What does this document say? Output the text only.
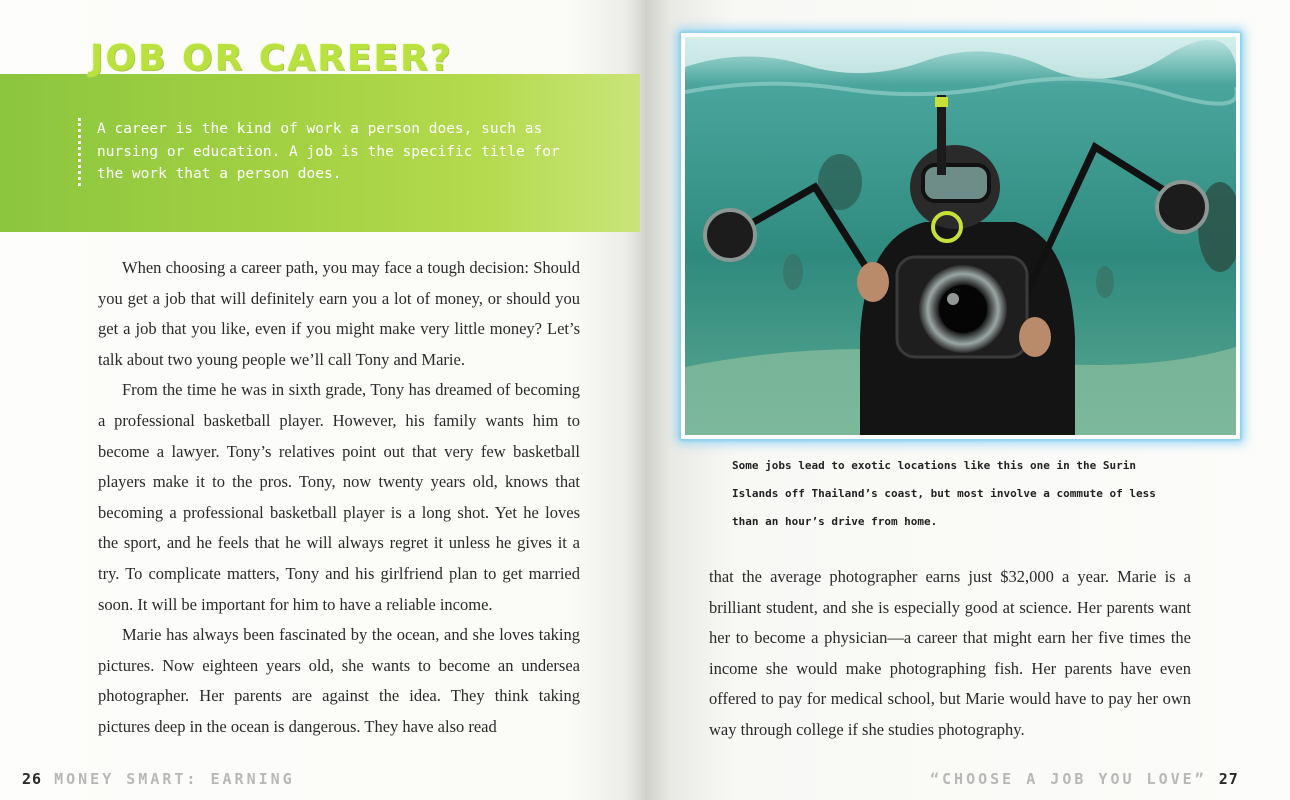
JOB OR CAREER?
A career is the kind of work a person does, such as nursing or education. A job is the specific title for the work that a person does.

When choosing a career path, you may face a tough decision: Should you get a job that will definitely earn you a lot of money, or should you get a job that you like, even if you might make very little money? Let’s talk about two young people we’ll call Tony and Marie.

From the time he was in sixth grade, Tony has dreamed of becoming a professional basketball player. However, his family wants him to become a lawyer. Tony’s relatives point out that very few basketball players make it to the pros. Tony, now twenty years old, knows that becoming a professional basketball player is a long shot. Yet he loves the sport, and he feels that he will always regret it unless he gives it a try. To complicate matters, Tony and his girlfriend plan to get married soon. It will be important for him to have a reliable income.

Marie has always been fascinated by the ocean, and she loves taking pictures. Now eighteen years old, she wants to become an undersea photographer. Her parents are against the idea. They think taking pictures deep in the ocean is dangerous. They have also read

Some jobs lead to exotic locations like this one in the Surin Islands off Thailand’s coast, but most involve a commute of less than an hour’s drive from home.

that the average photographer earns just $32,000 a year. Marie is a brilliant student, and she is especially good at science. Her parents want her to become a physician—a career that might earn her five times the income she would make photographing fish. Her parents have even offered to pay for medical school, but Marie would have to pay her own way through college if she studies photography.

26 MONEY SMART: EARNING	“CHOOSE A JOB YOU LOVE” 27
